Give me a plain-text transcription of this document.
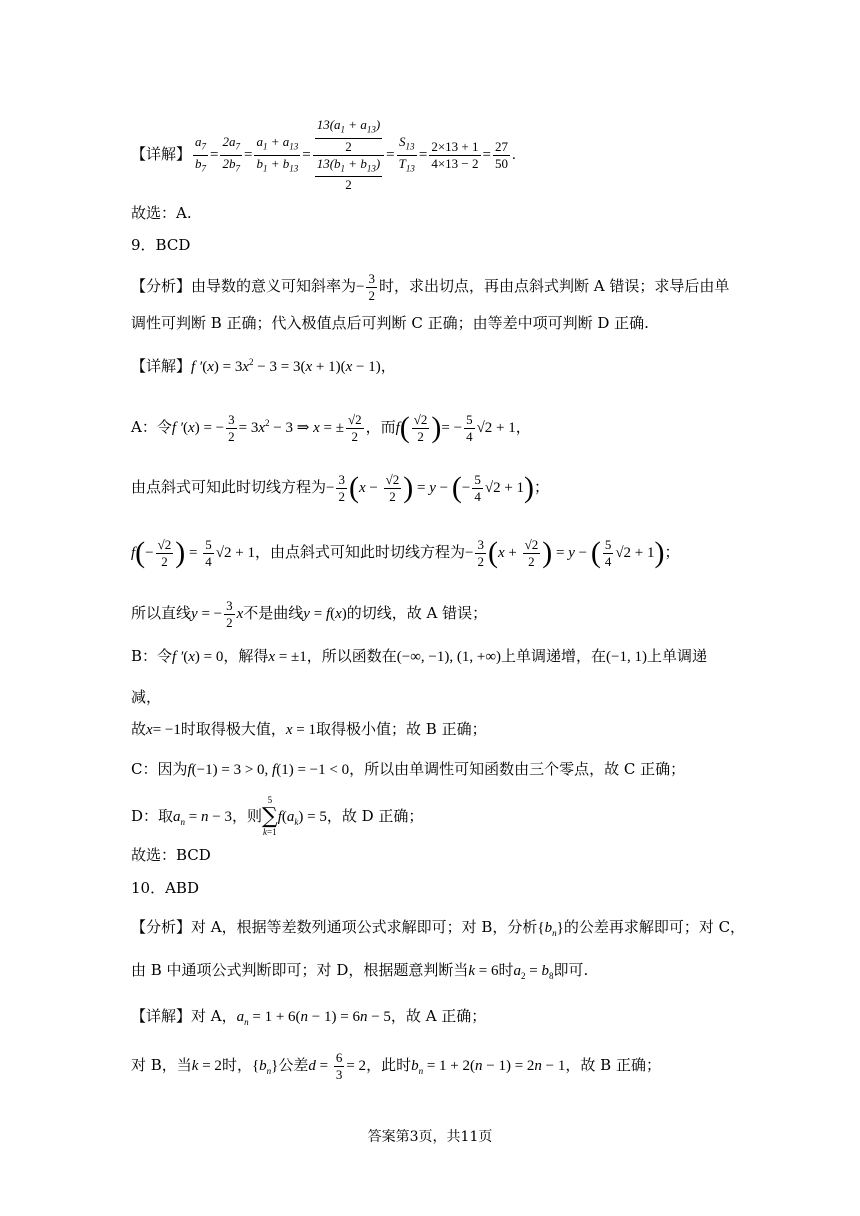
【详解】 $\frac{a_7}{b_7} = \frac{2a_7}{2b_7} = \frac{a_1 + a_{13}}{b_1 + b_{13}} = \frac{\frac{13(a_1 + a_{13})}{2}}{\frac{13(b_1 + b_{13})}{2}} = \frac{S_{13}}{T_{13}} = \frac{2\times 13 + 1}{4\times 13 - 2} = \frac{27}{50}$ .
故选：A.
9．BCD
【分析】由导数的意义可知斜率为− $\frac{3}{2}$ 时，求出切点，再由点斜式判断 A 错误；求导后由单
调性可判断 B 正确；代入极值点后可判断 C 正确；由等差中项可判断 D 正确.
【详解】f $'(x) = 3x^2 - 3 = 3(x + 1)(x - 1)$，
A：令f ′(x) = − $\frac{3}{2} = 3x^2 - 3$ ⇒ x = ± $\frac{√2}{2}$ ，而$f( \frac{√2}{2}$ )= − $\frac{5}{4} √2 + 1$，
由点斜式可知此时切线方程为− $\frac{3}{2} (x - \frac{√2}{2}$ ) = y − (− $\frac{5}{4} √2 + 1$)；
$f(- \frac{√2}{2}$ ) = $\frac{5}{4} √2 + 1$，由点斜式可知此时切线方程为− $\frac{3}{2} (x + \frac{√2}{2}$ ) = y − ( $\frac{5}{4} √2 + 1$)；
所以直线y = − $\frac{3}{2}$ x不是曲线y = f(x)的切线，故 A 错误；
B：令f ′(x) = 0，解得x = ±1，所以函数在(−∞, −1), (1, +∞)上单调递增，在(−1, 1)上单调递
减，
故x= −1时取得极大值，x = 1取得极小值；故 B 正确；
C：因为f(−1) = 3 > 0, f(1) = −1 < 0，所以由单调性可知函数由三个零点，故 C 正确；
D：取$a_n = n - 3$，则5
∑
$k=1f(a_k) = 5$，故 D 正确；
故选：BCD
10．ABD
【分析】对 A，根据等差数列通项公式求解即可；对 B，分析$\{b_n\}$的公差再求解即可；对 C，
由 B 中通项公式判断即可；对 D，根据题意判断当k = 6时$a_2 = b_8$即可.
【详解】对 A，$a_n = 1 + 6(n - 1) = 6n - 5$，故 A 正确；
对 B，当k = 2时，$\{b_n\}$公差$d = \frac{6}{3} = 2$，此时$b_n = 1 + 2(n - 1) = 2n - 1$，故 B 正确；
答案第3页，共11页
